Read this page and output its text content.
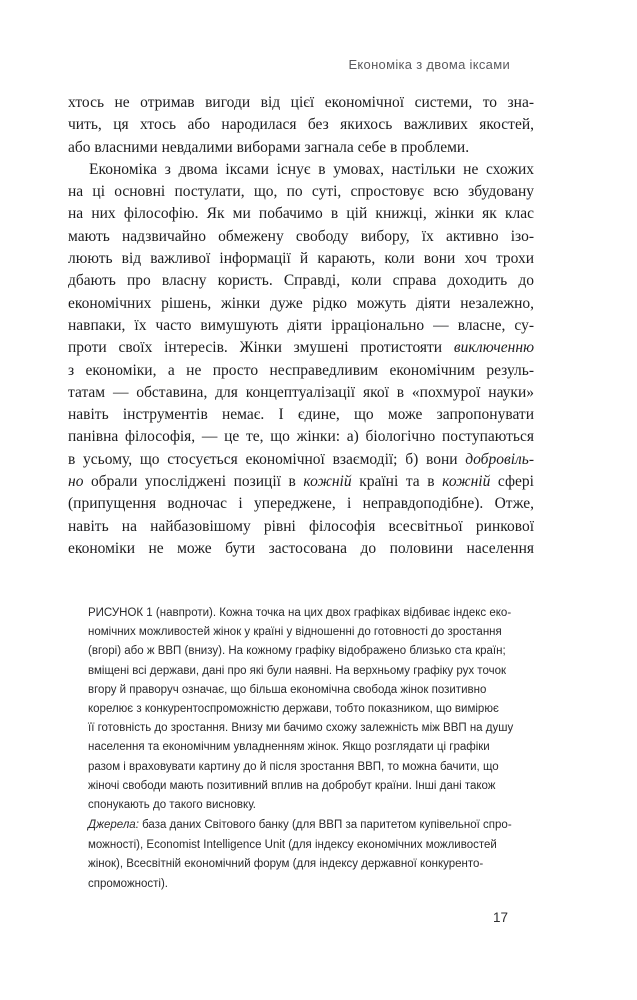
Економіка з двома іксами
хтось не отримав вигоди від цієї економічної системи, то зна-
чить, ця хтось або народилася без якихось важливих якостей,
або власними невдалими виборами загнала себе в проблеми.
Економіка з двома іксами існує в умовах, настільки не схожих
на ці основні постулати, що, по суті, спростовує всю збудовану
на них філософію. Як ми побачимо в цій книжці, жінки як клас
мають надзвичайно обмежену свободу вибору, їх активно ізо-
люють від важливої інформації й карають, коли вони хоч трохи
дбають про власну користь. Справді, коли справа доходить до
економічних рішень, жінки дуже рідко можуть діяти незалежно,
навпаки, їх часто вимушують діяти ірраціонально — власне, су-
проти своїх інтересів. Жінки змушені протистояти виключенню
з економіки, а не просто несправедливим економічним резуль-
татам — обставина, для концептуалізації якої в «похмурої науки»
навіть інструментів немає. І єдине, що може запропонувати
панівна філософія, — це те, що жінки: а) біологічно поступаються
в усьому, що стосується економічної взаємодії; б) вони добровіль-
но обрали упосліджені позиції в кожній країні та в кожній сфері
(припущення водночас і упереджене, і неправдоподібне). Отже,
навіть на найбазовішому рівні філософія всесвітньої ринкової
економіки не може бути застосована до половини населення
РИСУНОК 1 (навпроти). Кожна точка на цих двох графіках відбиває індекс еко-
номічних можливостей жінок у країні у відношенні до готовності до зростання
(вгорі) або ж ВВП (внизу). На кожному графіку відображено близько ста країн;
вміщені всі держави, дані про які були наявні. На верхньому графіку рух точок
вгору й праворуч означає, що більша економічна свобода жінок позитивно
корелює з конкурентоспроможністю держави, тобто показником, що вимірює
її готовність до зростання. Внизу ми бачимо схожу залежність між ВВП на душу
населення та економічним увладненням жінок. Якщо розглядати ці графіки
разом і враховувати картину до й після зростання ВВП, то можна бачити, що
жіночі свободи мають позитивний вплив на добробут країни. Інші дані також
спонукають до такого висновку.
Джерела: база даних Світового банку (для ВВП за паритетом купівельної спро-
можності), Economist Intelligence Unit (для індексу економічних можливостей
жінок), Всесвітній економічний форум (для індексу державної конкуренто-
спроможності).
17
